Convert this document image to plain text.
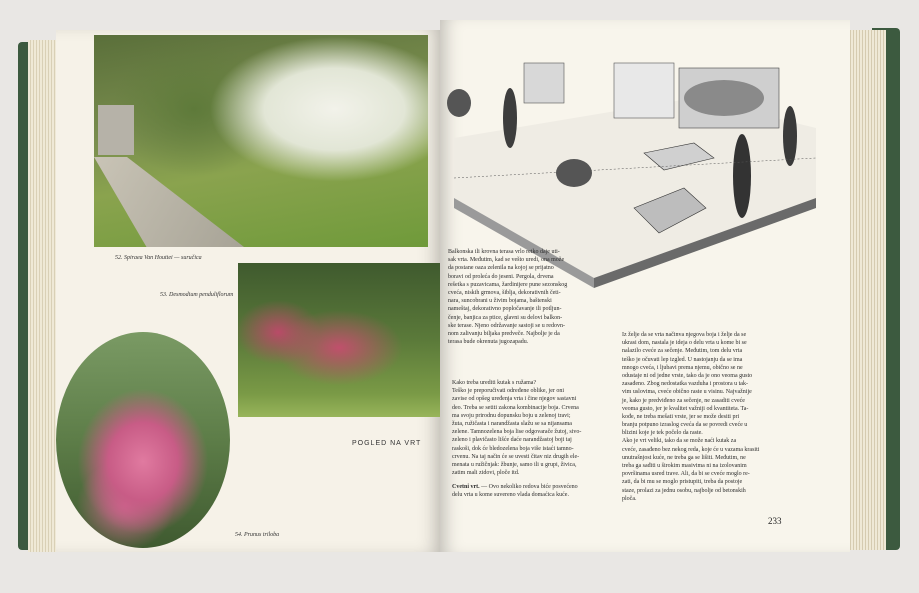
52. Spiraea Van Houttei — suručica
53. Desmodium penduliflorum
POGLED NA VRT
54. Prunus triloba
Balkonska ili krovna terasa vrlo retko daje uti-
sak vrta. Međutim, kad se veštо uredi, ona može
da postane oaza zelenila na kojoj se prijatno
boravi od proleća do jeseni. Pergola, drvena
rešetka s puzavicama, žardinijere pune sezonskog
cveća, niskih grmova, šiblja, dekorativnih četi-
nara, suncobrani u živim bojama, baštenski
nameštaj, dekorativno popločavanje ili potljun-
čenje, banjica za ptice, glavni su delovi balkon-
ske terase. Njeno održavanje sastoji se u redovn-
nom zalivanju biljaka predveče. Najbolje je da
terasa bude okrenuta jugozapadu.
Kako treba urediti kutak s ružama?
Teško je preporučivati određene oblike, jer oni
zavise od opšeg uređenja vrta i čine njegov sastavni
deo. Treba se setiti zakona kombinacije boja. Crvena
ma svoju prirodnu dopunsku boju u zelenoj travi;
žuta, ružičasta i narandžasta slažu se sa nijansama
zelene. Tamnozelena boja lise odgovarače žutoj, sivo-
zeleno i plavičasto lišće daće narandžastoj boji taj
raskoši, dok će bledozelena boja više istaći tamno-
crvenu. Na taj način će se uvesti čitav niz drugih ele-
menata u ružičnjak: žbunje, samo ili u grupi, živica,
zatim mali zidovi, ploče itd.
Cvetni vrt. — Ovo nekoliko redova biće posvećeno
delu vrta u kome suvereno vlada domaćica kuće.
Iz želje da se vrta načinva njegova boja i želje da se
ukrasi dom, nastala je ideja o delu vrta u kome bi se
nalazilo cveće za sečenje. Međutim, tom delu vrta
teško je očuvati lep izgled. U nastojanju da se ima
mnogo cveća, i ljubavi prema njemu, obično se ne
odustaje ni od jedne vrste, tako da je ono veoma gusto
zasađeno. Zbog nedostatka vazduha i prostora u tak-
vim uslovima, cveće obično raste u visinu. Najvažnije
je, kako je predviđeno za sečenje, ne zasaditi cveće
veoma gusto, jer je kvalitet važniji od kvantiteta. Ta-
kođe, ne treba mešati vrste, jer se može desiti pri
branju potpuno izraslog cveća da se povredi cveće u
blizini koje je tek počelo da raste.
Ako je vrt veliki, tako da se može naći kutak za
cveće, zasađeno bez nekog reda, koje će u vazama krasiti
unutrašnjost kuće, ne treba ga se lišiti. Međutim, ne
treba ga sađiti u širokim masivima ni na izolovanim
površinama usred trave. Ali, da bi se cveće moglo re-
zati, da bi mu se moglo pristupiti, treba da postoje
staze, prolazi za jednu osobu, najbolje od betonskih
ploča.
233
